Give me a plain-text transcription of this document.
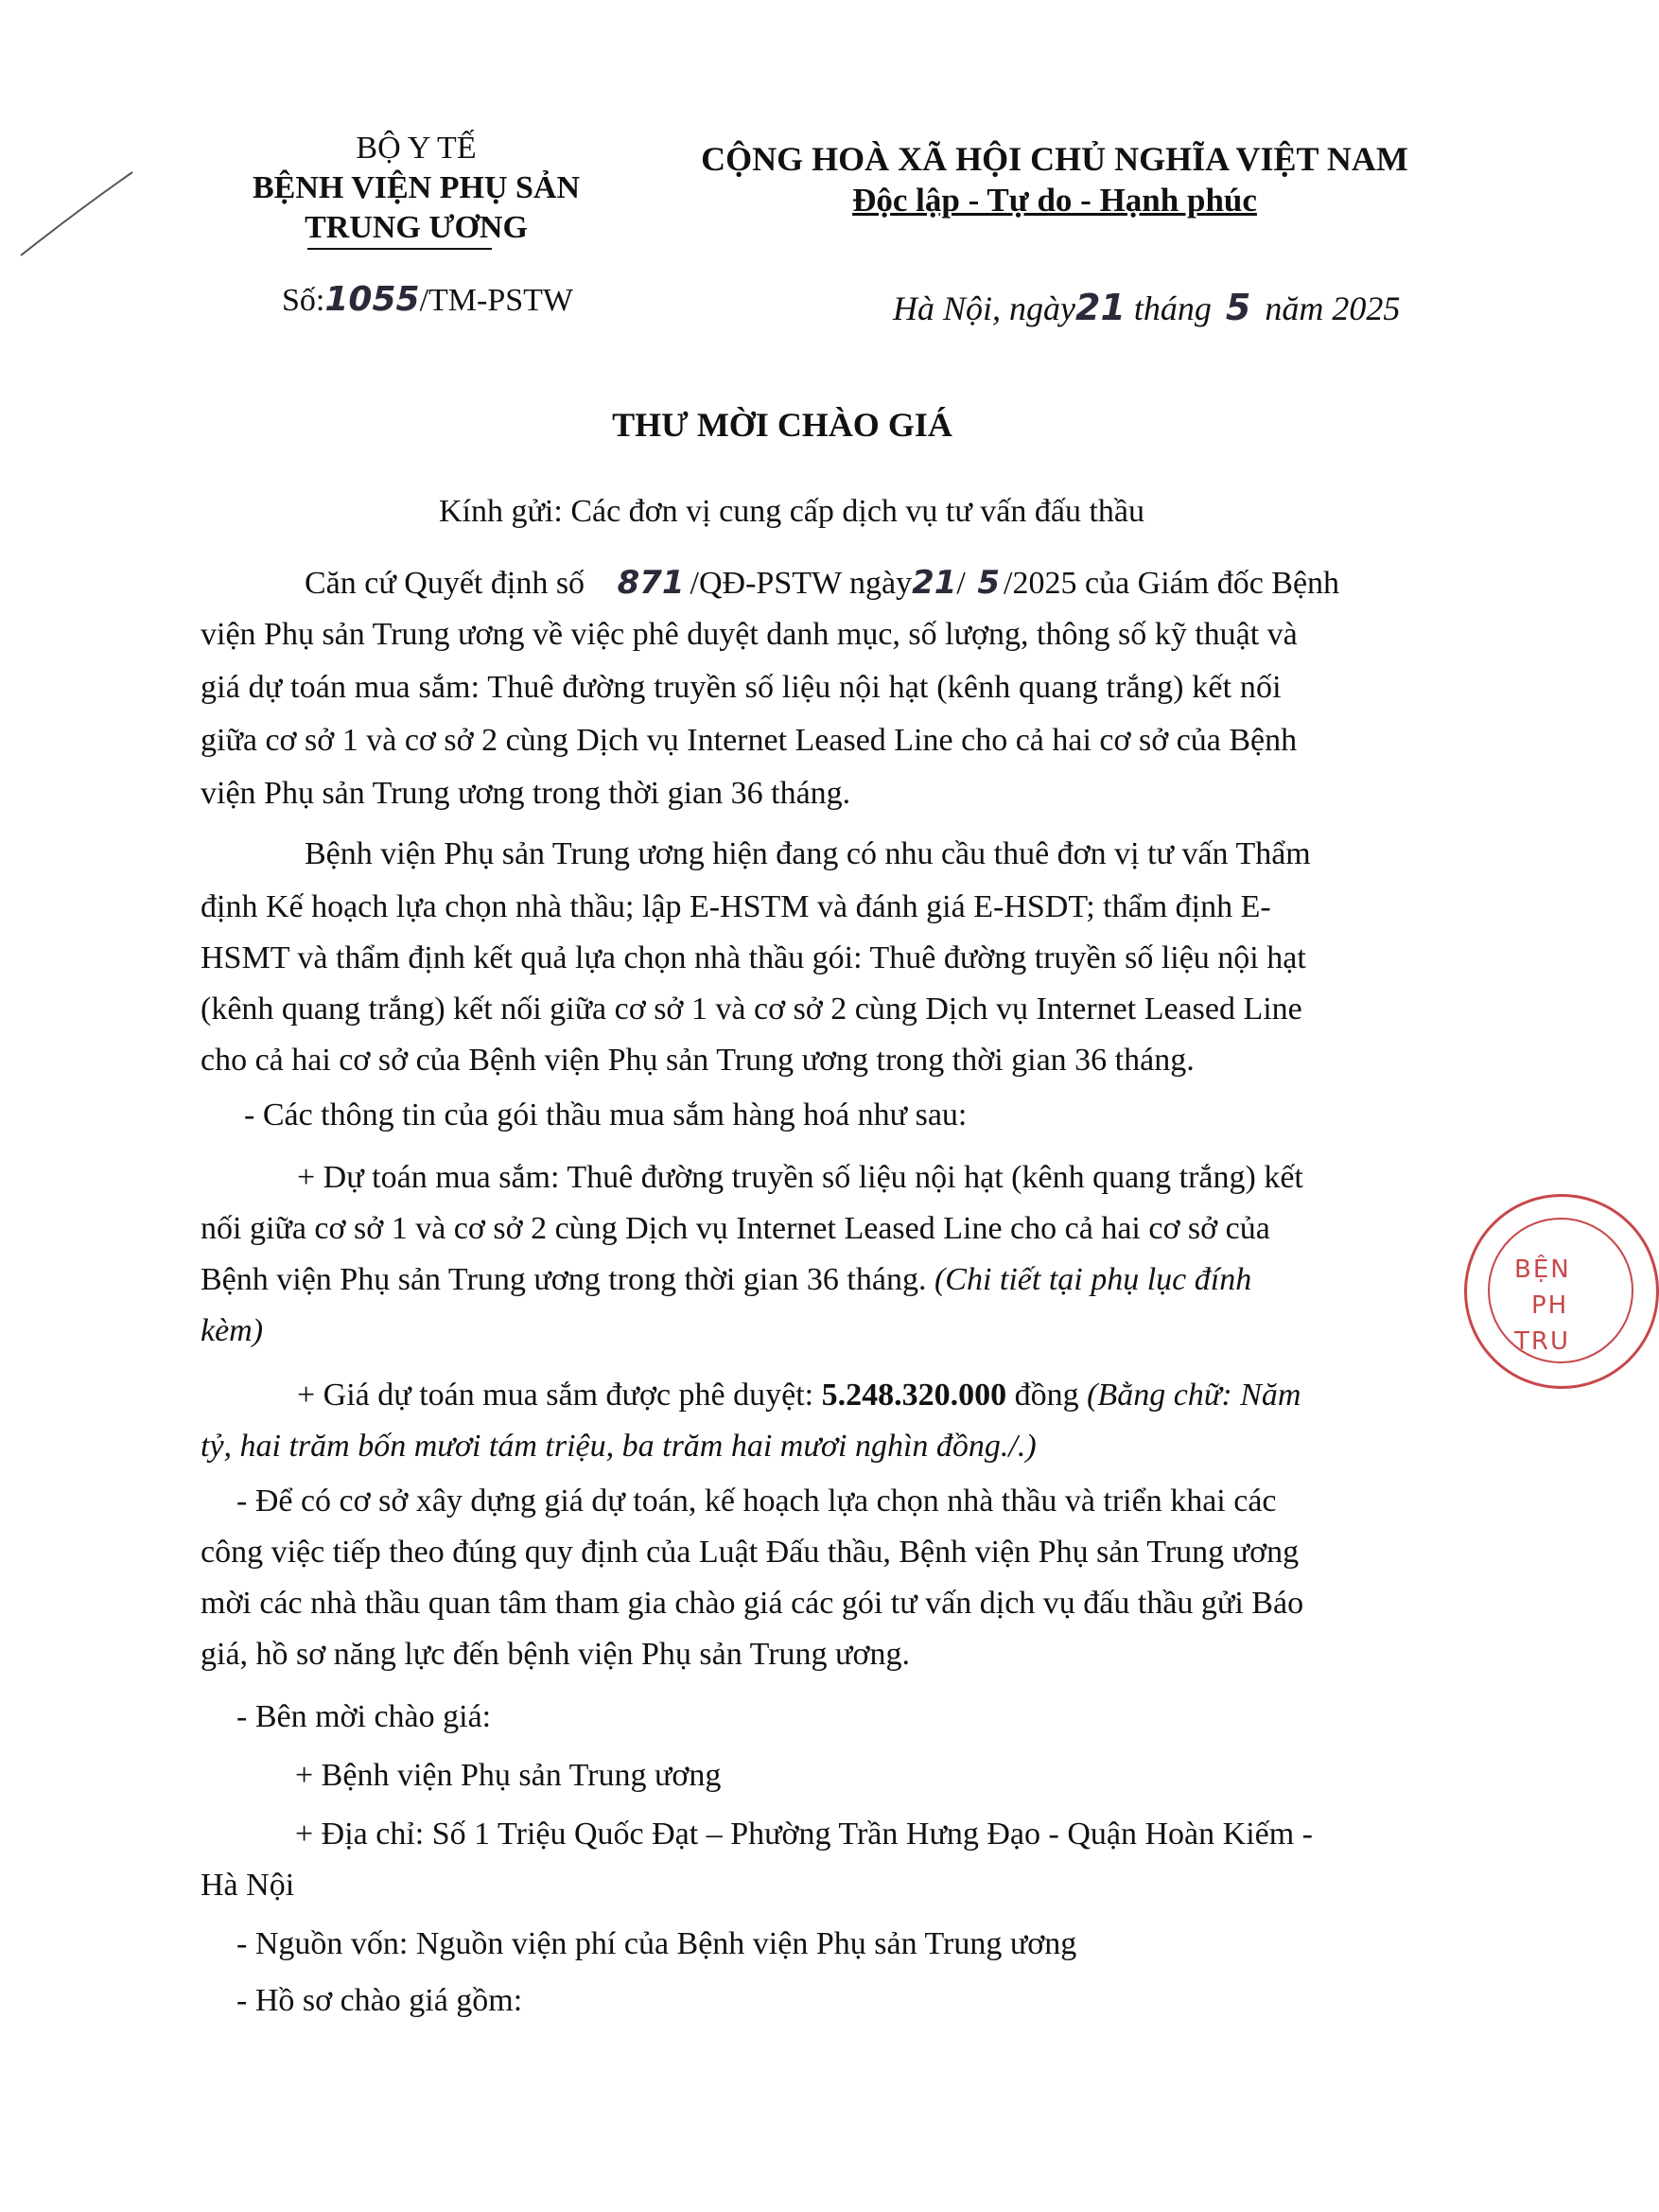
BỘ Y TẾ
BỆNH VIỆN PHỤ SẢN
TRUNG ƯƠNG
Số:1055/TM-PSTW
CỘNG HOÀ XÃ HỘI CHỦ NGHĨA VIỆT NAM
Độc lập - Tự do - Hạnh phúc
Hà Nội, ngày21 tháng 5 năm 2025
THƯ MỜI CHÀO GIÁ
Kính gửi: Các đơn vị cung cấp dịch vụ tư vấn đấu thầu
Căn cứ Quyết định số 871 /QĐ-PSTW ngày21/ 5 /2025 của Giám đốc Bệnh
viện Phụ sản Trung ương về việc phê duyệt danh mục, số lượng, thông số kỹ thuật và
giá dự toán mua sắm: Thuê đường truyền số liệu nội hạt (kênh quang trắng) kết nối
giữa cơ sở 1 và cơ sở 2 cùng Dịch vụ Internet Leased Line cho cả hai cơ sở của Bệnh
viện Phụ sản Trung ương trong thời gian 36 tháng.
Bệnh viện Phụ sản Trung ương hiện đang có nhu cầu thuê đơn vị tư vấn Thẩm
định Kế hoạch lựa chọn nhà thầu; lập E-HSTM và đánh giá E-HSDT; thẩm định E-
HSMT và thẩm định kết quả lựa chọn nhà thầu gói: Thuê đường truyền số liệu nội hạt
(kênh quang trắng) kết nối giữa cơ sở 1 và cơ sở 2 cùng Dịch vụ Internet Leased Line
cho cả hai cơ sở của Bệnh viện Phụ sản Trung ương trong thời gian 36 tháng.
- Các thông tin của gói thầu mua sắm hàng hoá như sau:
+ Dự toán mua sắm: Thuê đường truyền số liệu nội hạt (kênh quang trắng) kết
nối giữa cơ sở 1 và cơ sở 2 cùng Dịch vụ Internet Leased Line cho cả hai cơ sở của
Bệnh viện Phụ sản Trung ương trong thời gian 36 tháng. (Chi tiết tại phụ lục đính
kèm)
+ Giá dự toán mua sắm được phê duyệt: 5.248.320.000 đồng (Bằng chữ: Năm
tỷ, hai trăm bốn mươi tám triệu, ba trăm hai mươi nghìn đồng./.)
- Để có cơ sở xây dựng giá dự toán, kế hoạch lựa chọn nhà thầu và triển khai các
công việc tiếp theo đúng quy định của Luật Đấu thầu, Bệnh viện Phụ sản Trung ương
mời các nhà thầu quan tâm tham gia chào giá các gói tư vấn dịch vụ đấu thầu gửi Báo
giá, hồ sơ năng lực đến bệnh viện Phụ sản Trung ương.
- Bên mời chào giá:
+ Bệnh viện Phụ sản Trung ương
+ Địa chỉ: Số 1 Triệu Quốc Đạt – Phường Trần Hưng Đạo - Quận Hoàn Kiếm -
Hà Nội
- Nguồn vốn: Nguồn viện phí của Bệnh viện Phụ sản Trung ương
- Hồ sơ chào giá gồm:
BỆN
PH
TRU
